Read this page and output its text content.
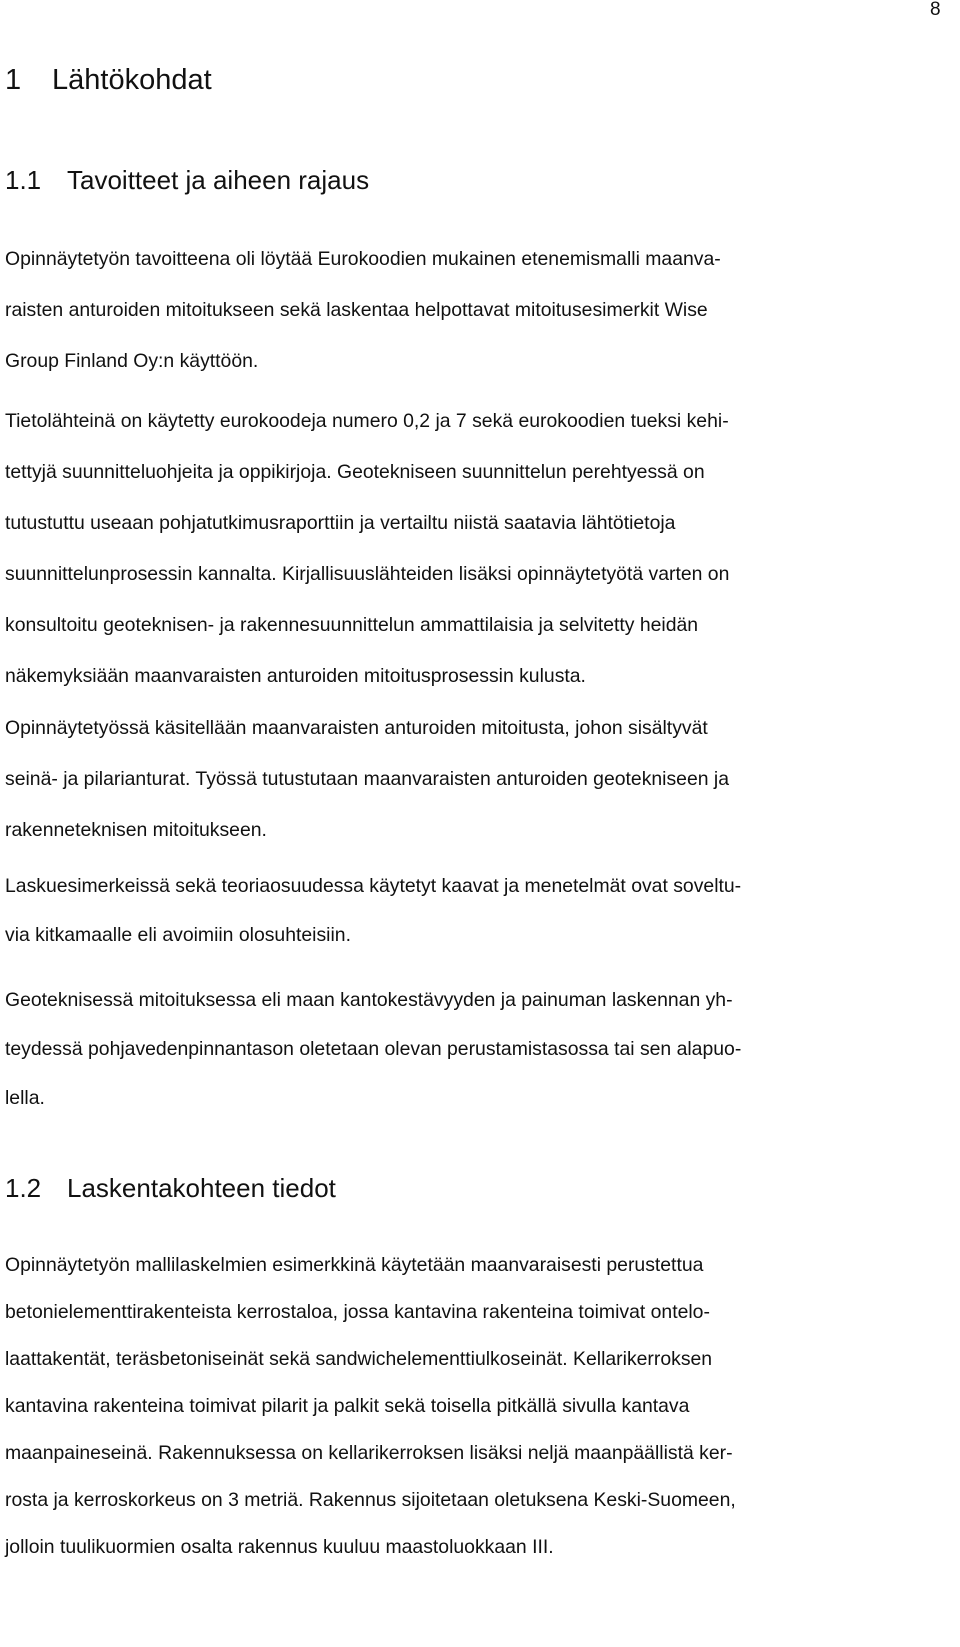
8
1 Lähtökohdat
1.1 Tavoitteet ja aiheen rajaus
Opinnäytetyön tavoitteena oli löytää Eurokoodien mukainen etenemismalli maanva-
raisten anturoiden mitoitukseen sekä laskentaa helpottavat mitoitusesimerkit Wise
Group Finland Oy:n käyttöön.
Tietolähteinä on käytetty eurokoodeja numero 0,2 ja 7 sekä eurokoodien tueksi kehi-
tettyjä suunnitteluohjeita ja oppikirjoja. Geotekniseen suunnittelun perehtyessä on
tutustuttu useaan pohjatutkimusraporttiin ja vertailtu niistä saatavia lähtötietoja
suunnittelunprosessin kannalta. Kirjallisuuslähteiden lisäksi opinnäytetyötä varten on
konsultoitu geoteknisen- ja rakennesuunnittelun ammattilaisia ja selvitetty heidän
näkemyksiään maanvaraisten anturoiden mitoitusprosessin kulusta.
Opinnäytetyössä käsitellään maanvaraisten anturoiden mitoitusta, johon sisältyvät
seinä- ja pilarianturat. Työssä tutustutaan maanvaraisten anturoiden geotekniseen ja
rakenneteknisen mitoitukseen.
Laskuesimerkeissä sekä teoriaosuudessa käytetyt kaavat ja menetelmät ovat soveltu-
via kitkamaalle eli avoimiin olosuhteisiin.
Geoteknisessä mitoituksessa eli maan kantokestävyyden ja painuman laskennan yh-
teydessä pohjavedenpinnantason oletetaan olevan perustamistasossa tai sen alapuo-
lella.
1.2 Laskentakohteen tiedot
Opinnäytetyön mallilaskelmien esimerkkinä käytetään maanvaraisesti perustettua
betonielementtirakenteista kerrostaloa, jossa kantavina rakenteina toimivat ontelo-
laattakentät, teräsbetoniseinät sekä sandwichelementtiulkoseinät. Kellarikerroksen
kantavina rakenteina toimivat pilarit ja palkit sekä toisella pitkällä sivulla kantava
maanpaineseinä. Rakennuksessa on kellarikerroksen lisäksi neljä maanpäällistä ker-
rosta ja kerroskorkeus on 3 metriä. Rakennus sijoitetaan oletuksena Keski-Suomeen,
jolloin tuulikuormien osalta rakennus kuuluu maastoluokkaan III.
